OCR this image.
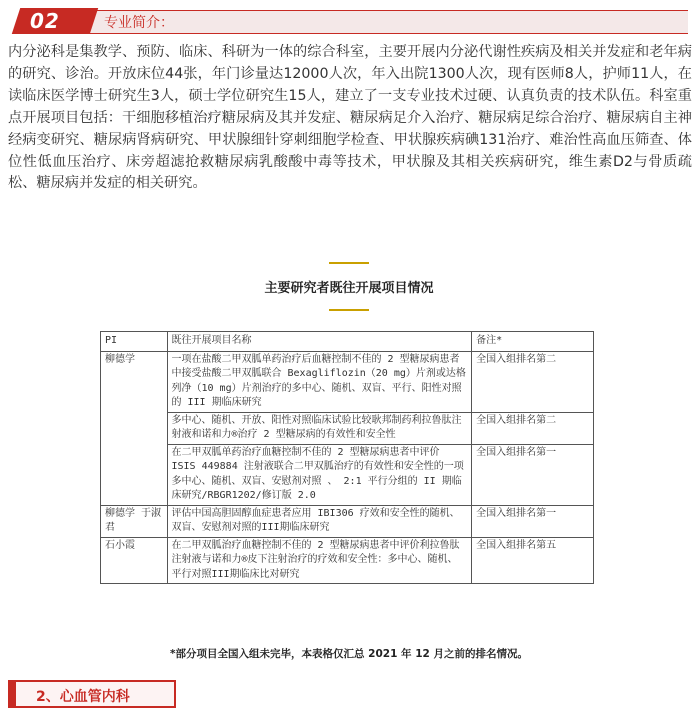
02	专业简介：
内分泌科是集教学、预防、临床、科研为一体的综合科室，主要开展内分泌代谢性疾病及相关并发症和老年病的研究、诊治。开放床位44张，年门诊量达12000人次，年入出院1300人次，现有医师8人，护师11人，在读临床医学博士研究生3人，硕士学位研究生15人，建立了一支专业技术过硬、认真负责的技术队伍。科室重点开展项目包括：干细胞移植治疗糖尿病及其并发症、糖尿病足介入治疗、糖尿病足综合治疗、糖尿病自主神经病变研究、糖尿病肾病研究、甲状腺细针穿刺细胞学检查、甲状腺疾病碘131治疗、难治性高血压筛查、体位性低血压治疗、床旁超滤抢救糖尿病乳酸酸中毒等技术，甲状腺及其相关疾病研究，维生素D2与骨质疏松、糖尿病并发症的相关研究。
主要研究者既往开展项目情况
PI	既往开展项目名称	备注*
柳德学	一项在盐酸二甲双胍单药治疗后血糖控制不佳的 2 型糖尿病患者中接受盐酸二甲双胍联合 Bexagliflozin（20 mg）片剂或达格列净（10 mg）片剂治疗的多中心、随机、双盲、平行、阳性对照的 III 期临床研究	全国入组排名第二
	多中心、随机、开放、阳性对照临床试验比较耿邦制药利拉鲁肽注射液和诺和力®治疗 2 型糖尿病的有效性和安全性	全国入组排名第二
	在二甲双胍单药治疗血糖控制不佳的 2 型糖尿病患者中评价 ISIS 449884 注射液联合二甲双胍治疗的有效性和安全性的一项多中心、随机、双盲、安慰剂对照 、 2:1 平行分组的 II 期临床研究/RBGR1202/修订版 2.0	全国入组排名第一
柳德学 于淑君	评估中国高胆固醇血症患者应用 IBI306 疗效和安全性的随机、双盲、安慰剂对照的III期临床研究	全国入组排名第一
石小霞	在二甲双胍治疗血糖控制不佳的 2 型糖尿病患者中评价利拉鲁肽注射液与诺和力®皮下注射治疗的疗效和安全性：多中心、随机、平行对照III期临床比对研究	全国入组排名第五
*部分项目全国入组未完毕，本表格仅汇总 2021 年 12 月之前的排名情况。
2、心血管内科
